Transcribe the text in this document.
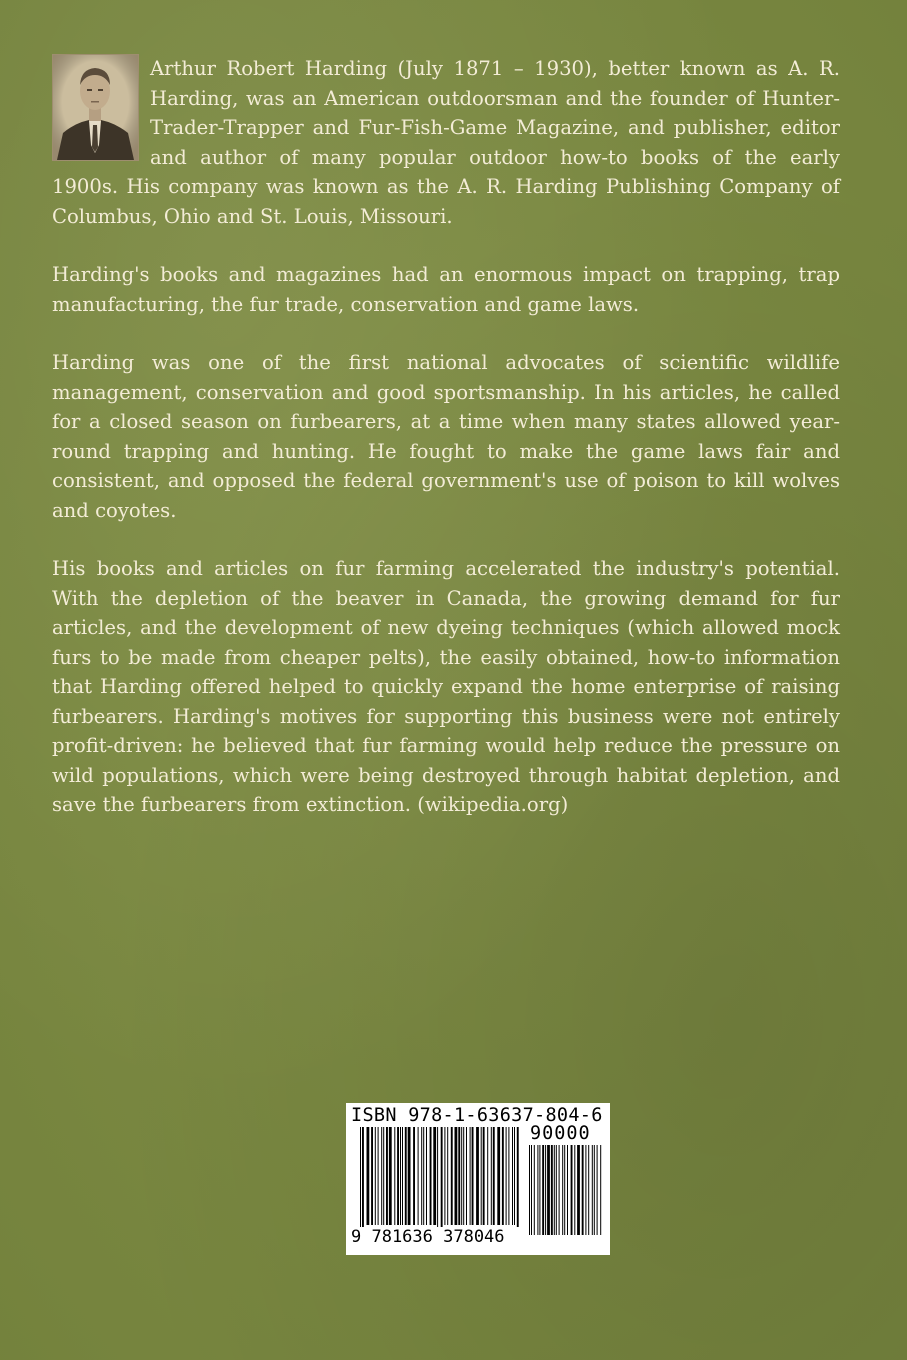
Arthur Robert Harding (July 1871 – 1930), better known as A. R. Harding, was an American outdoorsman and the founder of Hunter-Trader-Trapper and Fur-Fish-Game Magazine, and publisher, editor and author of many popular outdoor how-to books of the early 1900s. His company was known as the A. R. Harding Publishing Company of Columbus, Ohio and St. Louis, Missouri.

Harding's books and magazines had an enormous impact on trapping, trap manufacturing, the fur trade, conservation and game laws.

Harding was one of the first national advocates of scientific wildlife management, conservation and good sportsmanship. In his articles, he called for a closed season on furbearers, at a time when many states allowed year-round trapping and hunting. He fought to make the game laws fair and consistent, and opposed the federal government's use of poison to kill wolves and coyotes.

His books and articles on fur farming accelerated the industry's potential. With the depletion of the beaver in Canada, the growing demand for fur articles, and the development of new dyeing techniques (which allowed mock furs to be made from cheaper pelts), the easily obtained, how-to information that Harding offered helped to quickly expand the home enterprise of raising furbearers. Harding's motives for supporting this business were not entirely profit-driven: he believed that fur farming would help reduce the pressure on wild populations, which were being destroyed through habitat depletion, and save the furbearers from extinction. (wikipedia.org)

ISBN 978-1-63637-804-6
90000
9 781636 378046
